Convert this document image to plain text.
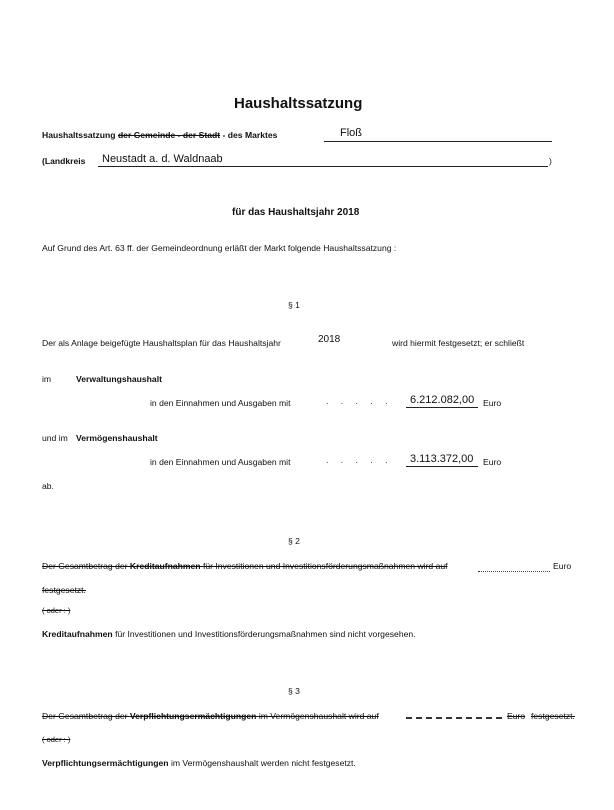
Haushaltssatzung
Haushaltssatzung der Gemeinde - der Stadt - des Marktes	Floß
(Landkreis Neustadt a. d. Waldnaab	)
für das Haushaltsjahr 2018
Auf Grund des Art. 63 ff. der Gemeindeordnung erläßt der Markt folgende Haushaltssatzung :
§ 1
Der als Anlage beigefügte Haushaltsplan für das Haushaltsjahr	2018	wird hiermit festgesetzt; er schließt
im	Verwaltungshaushalt
in den Einnahmen und Ausgaben mit	. . . . . 6.212.082,00 Euro
und im Vermögenshaushalt
in den Einnahmen und Ausgaben mit	. . . . . 3.113.372,00 Euro
ab.
§ 2
Der Gesamtbetrag der Kreditaufnahmen für Investitionen und Investitionsförderungsmaßnahmen wird auf	Euro
festgesetzt.
( oder : )
Kreditaufnahmen für Investitionen und Investitionsförderungsmaßnahmen sind nicht vorgesehen.
§ 3
Der Gesamtbetrag der Verpflichtungsermächtigungen im Vermögenshaushalt wird auf	Euro festgesetzt.
( oder : )
Verpflichtungsermächtigungen im Vermögenshaushalt werden nicht festgesetzt.
